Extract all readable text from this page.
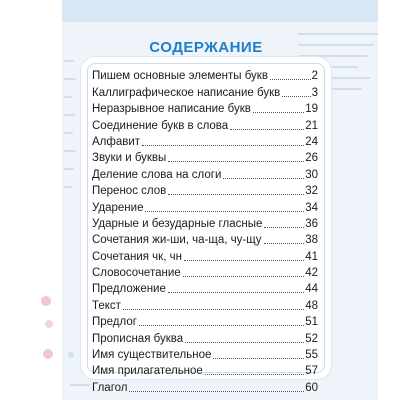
СОДЕРЖАНИЕ
Пишем основные элементы букв	2
Каллиграфическое написание букв	3
Неразрывное написание букв	19
Соединение букв в слова	21
Алфавит	24
Звуки и буквы	26
Деление слова на слоги	30
Перенос слов	32
Ударение	34
Ударные и безударные гласные	36
Сочетания жи-ши, ча-ща, чу-щу	38
Сочетания чк, чн	41
Словосочетание	42
Предложение	44
Текст	48
Предлог	51
Прописная буква	52
Имя существительное	55
Имя прилагательное	57
Глагол	60
